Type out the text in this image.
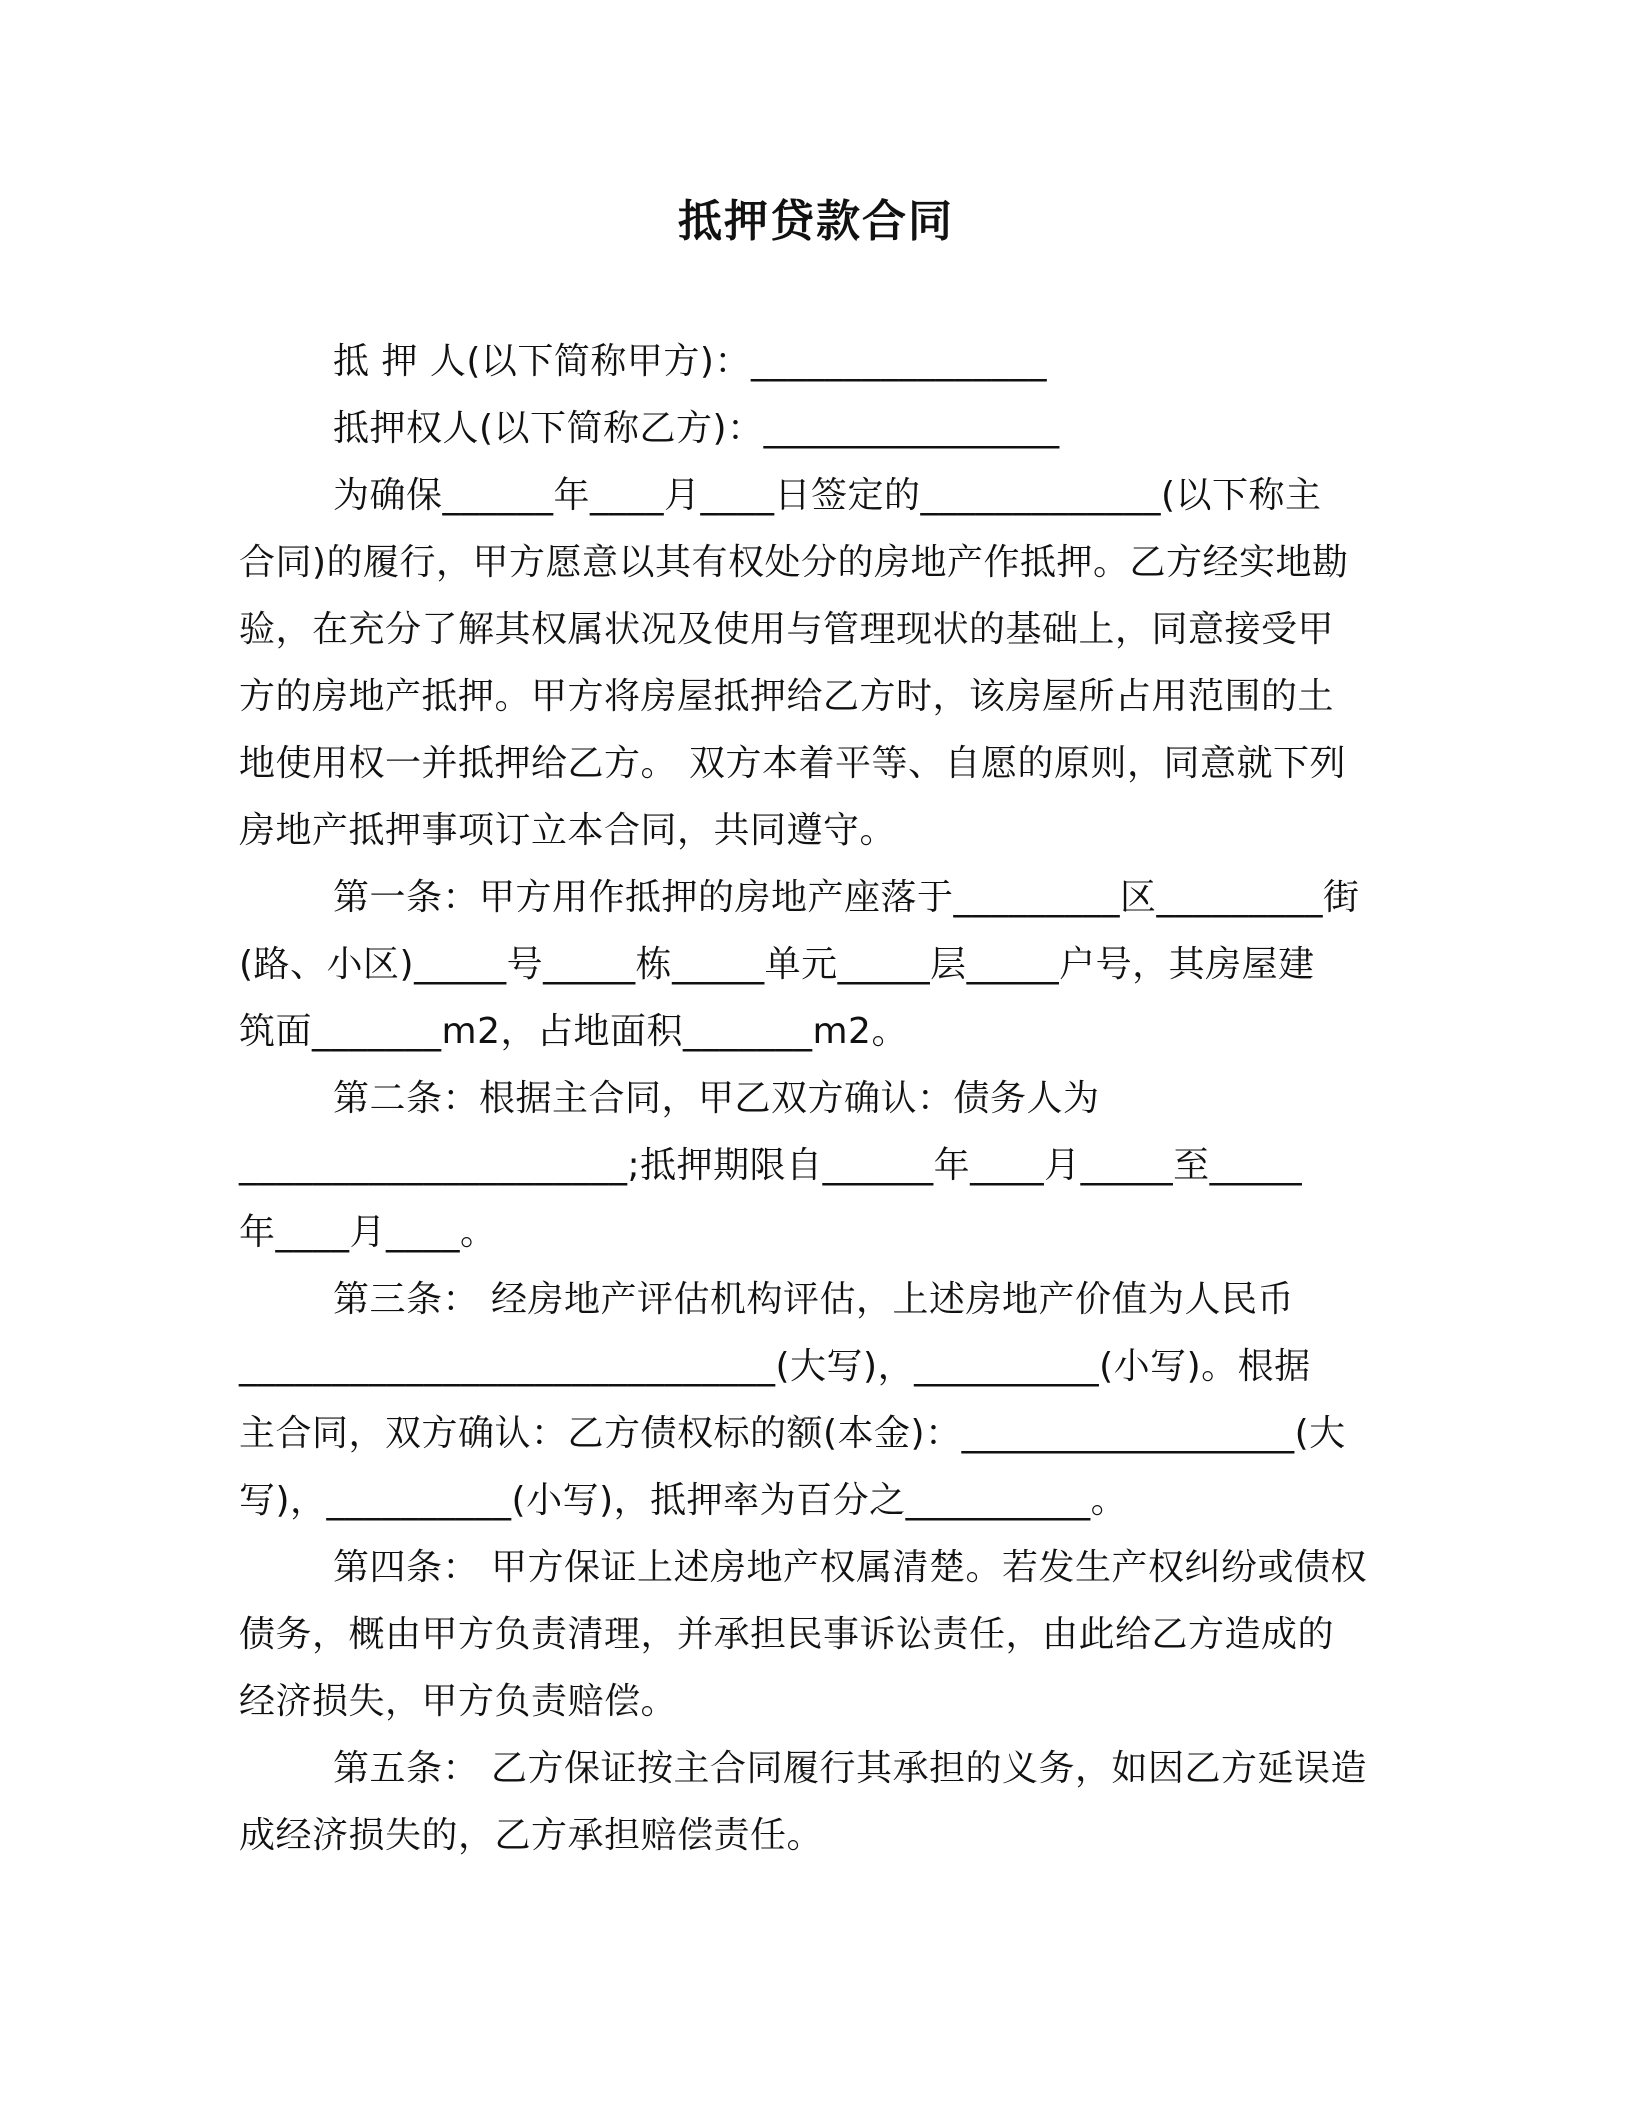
抵押贷款合同
抵 押 人(以下简称甲方)：________________
抵押权人(以下简称乙方)：________________
为确保______年____月____日签定的_____________(以下称主
合同)的履行，甲方愿意以其有权处分的房地产作抵押。乙方经实地勘
验，在充分了解其权属状况及使用与管理现状的基础上，同意接受甲
方的房地产抵押。甲方将房屋抵押给乙方时，该房屋所占用范围的土
地使用权一并抵押给乙方。 双方本着平等、自愿的原则，同意就下列
房地产抵押事项订立本合同，共同遵守。
第一条：甲方用作抵押的房地产座落于_________区_________街
(路、小区)_____号_____栋_____单元_____层_____户号，其房屋建
筑面_______m2，占地面积_______m2。
第二条：根据主合同，甲乙双方确认：债务人为
_____________________;抵押期限自______年____月_____至_____
年____月____。
第三条： 经房地产评估机构评估，上述房地产价值为人民币
_____________________________(大写)，__________(小写)。根据
主合同，双方确认：乙方债权标的额(本金)：__________________(大
写)，__________(小写)，抵押率为百分之__________。
第四条： 甲方保证上述房地产权属清楚。若发生产权纠纷或债权
债务，概由甲方负责清理，并承担民事诉讼责任，由此给乙方造成的
经济损失，甲方负责赔偿。
第五条： 乙方保证按主合同履行其承担的义务，如因乙方延误造
成经济损失的，乙方承担赔偿责任。
